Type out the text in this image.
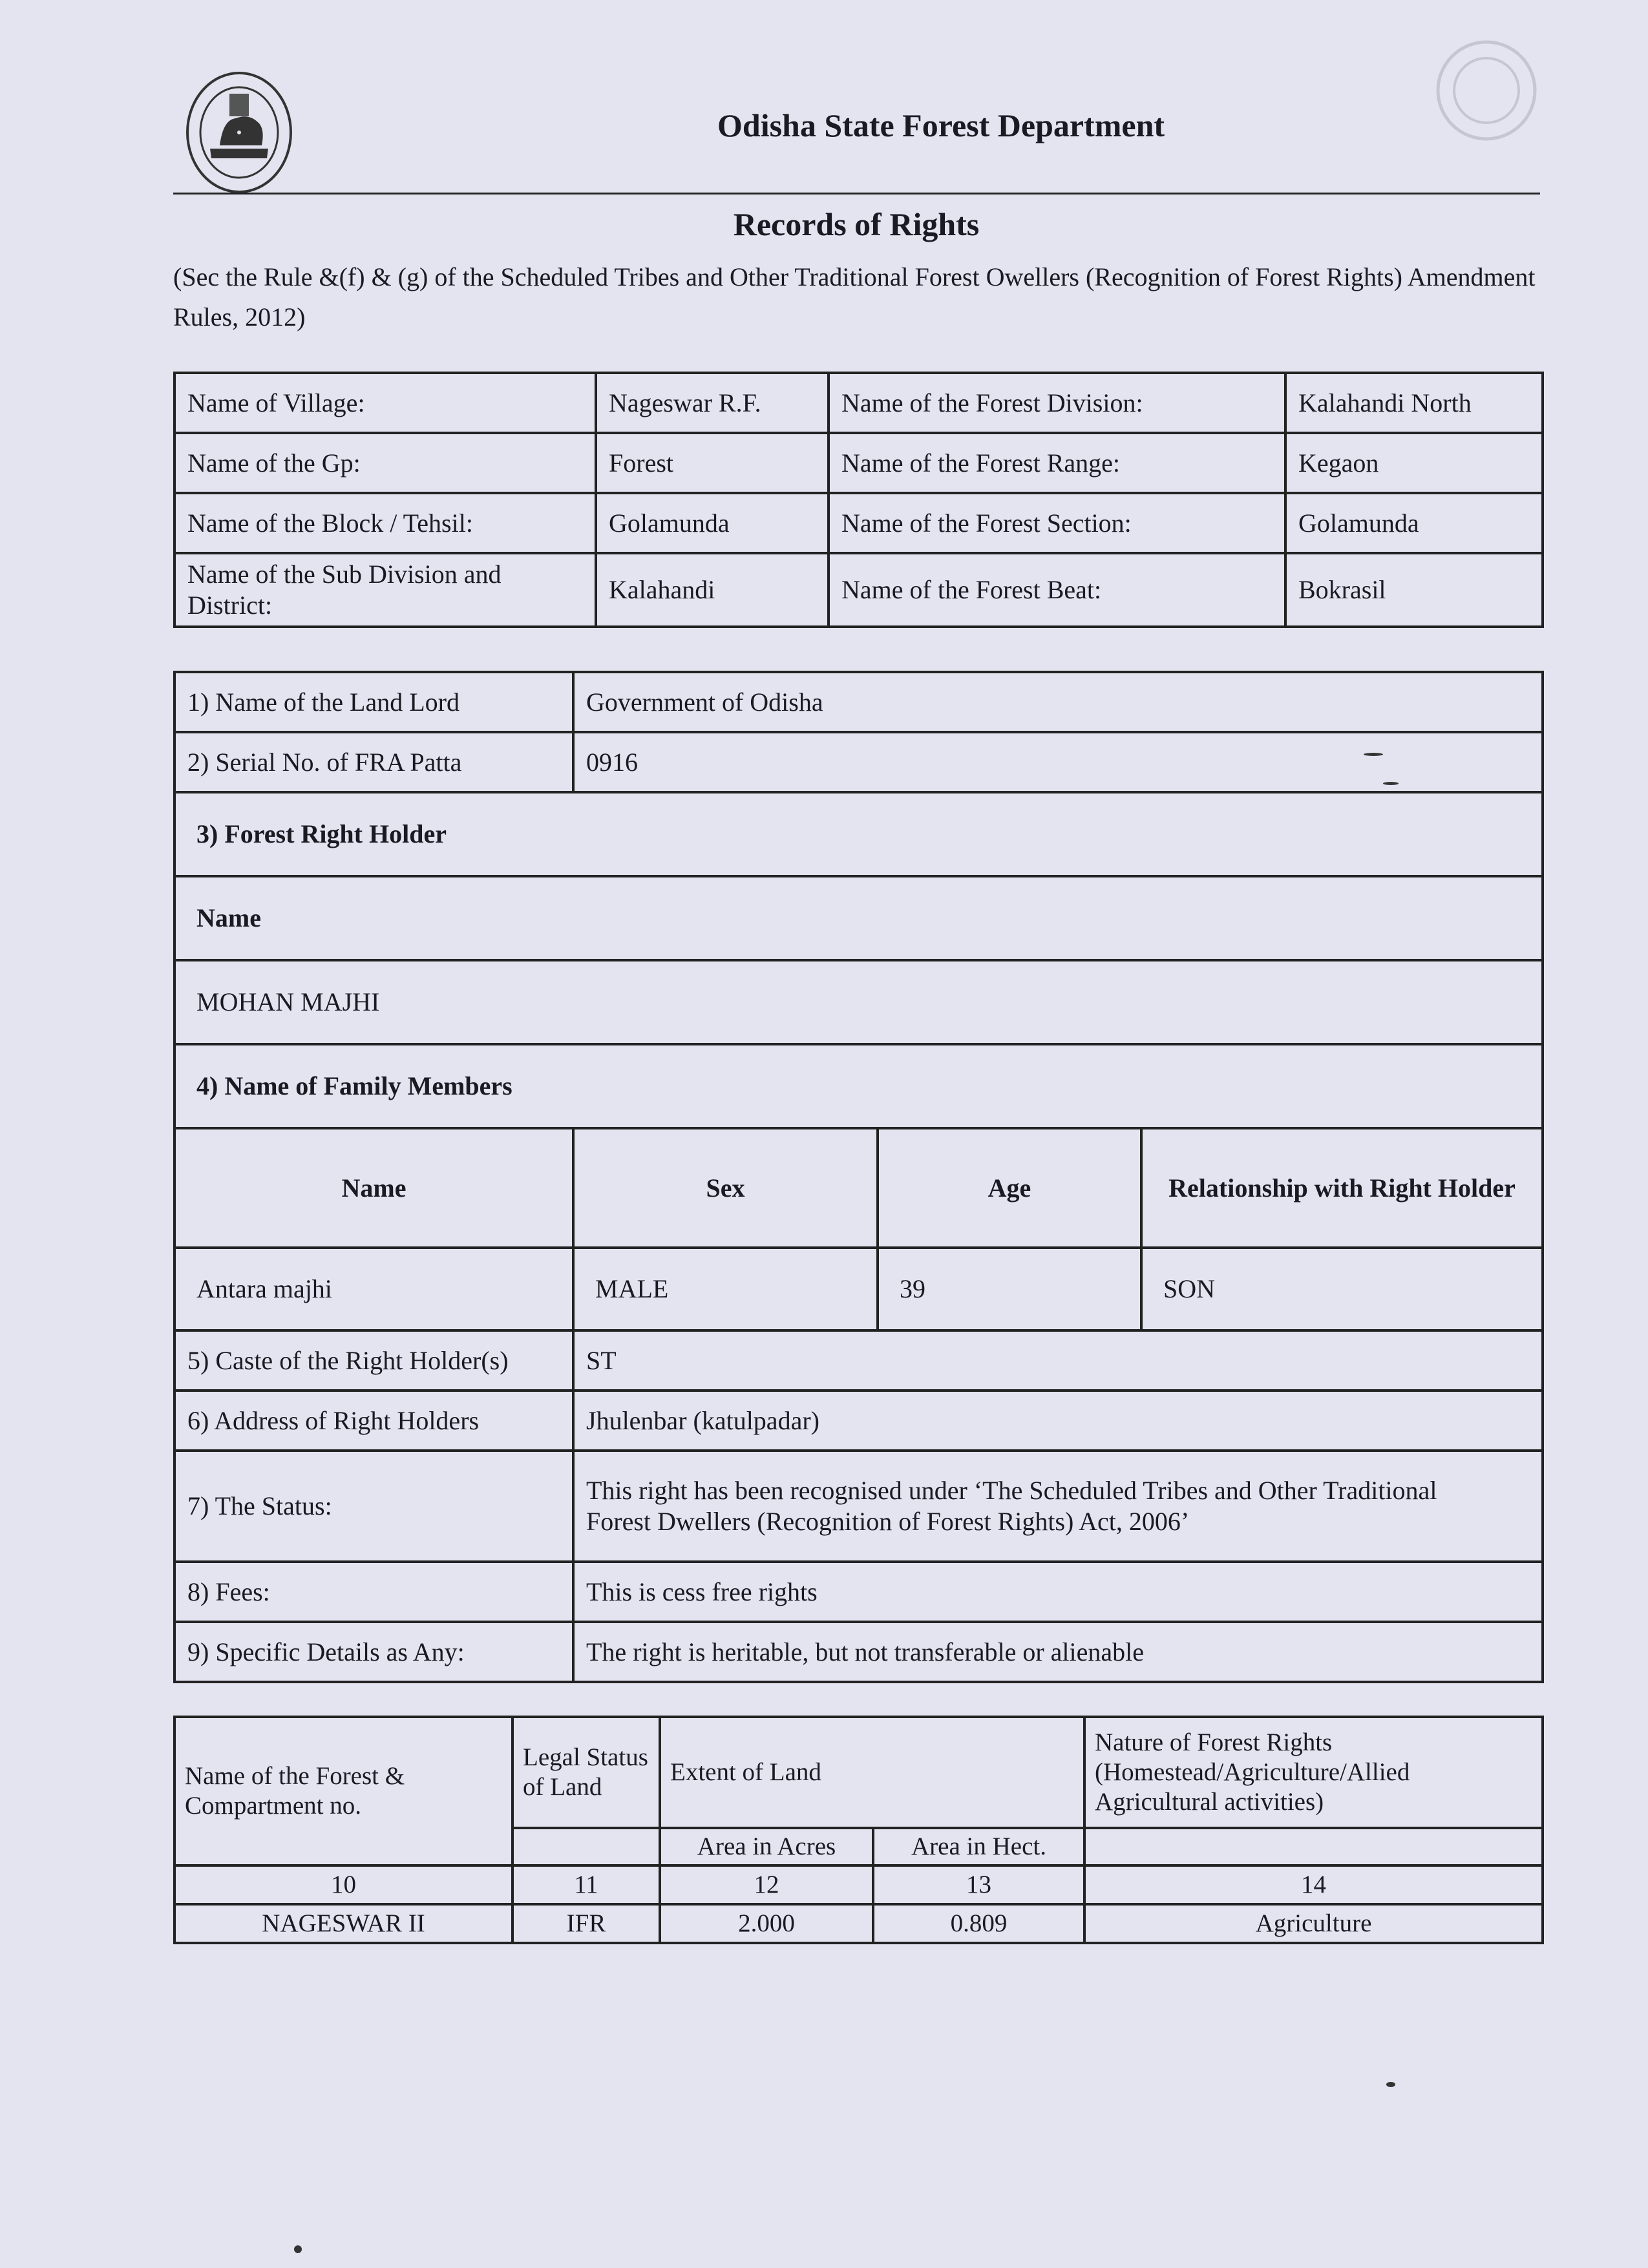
Odisha State Forest Department
Records of Rights
(Sec the Rule &(f) & (g) of the Scheduled Tribes and Other Traditional Forest Owellers (Recognition of Forest Rights) Amendment Rules, 2012)
Name of Village:	Nageswar R.F.	Name of the Forest Division:	Kalahandi North
Name of the Gp:	Forest	Name of the Forest Range:	Kegaon
Name of the Block / Tehsil:	Golamunda	Name of the Forest Section:	Golamunda
Name of the Sub Division and District:	Kalahandi	Name of the Forest Beat:	Bokrasil
1) Name of the Land Lord	Government of Odisha		
2) Serial No. of FRA Patta	0916		
3) Forest Right Holder			
Name			
MOHAN MAJHI			
4) Name of Family Members			
Name	Sex	Age	Relationship with Right Holder
Antara majhi	MALE	39	SON
5) Caste of the Right Holder(s)	ST		
6) Address of Right Holders	Jhulenbar (katulpadar)		
7) The Status:	This right has been recognised under ‘The Scheduled Tribes and Other Traditional
Forest Dwellers (Recognition of Forest Rights) Act, 2006’		

8) Fees:	This is cess free rights		
9) Specific Details as Any:	The right is heritable, but not transferable or alienable		
Name of the Forest & Compartment no.	Legal Status of Land	Extent of Land		Nature of Forest Rights (Homestead/Agriculture/Allied Agricultural activities)
		Area in Acres	Area in Hect.	
10	11	12	13	14
NAGESWAR II	IFR	2.000	0.809	Agriculture
